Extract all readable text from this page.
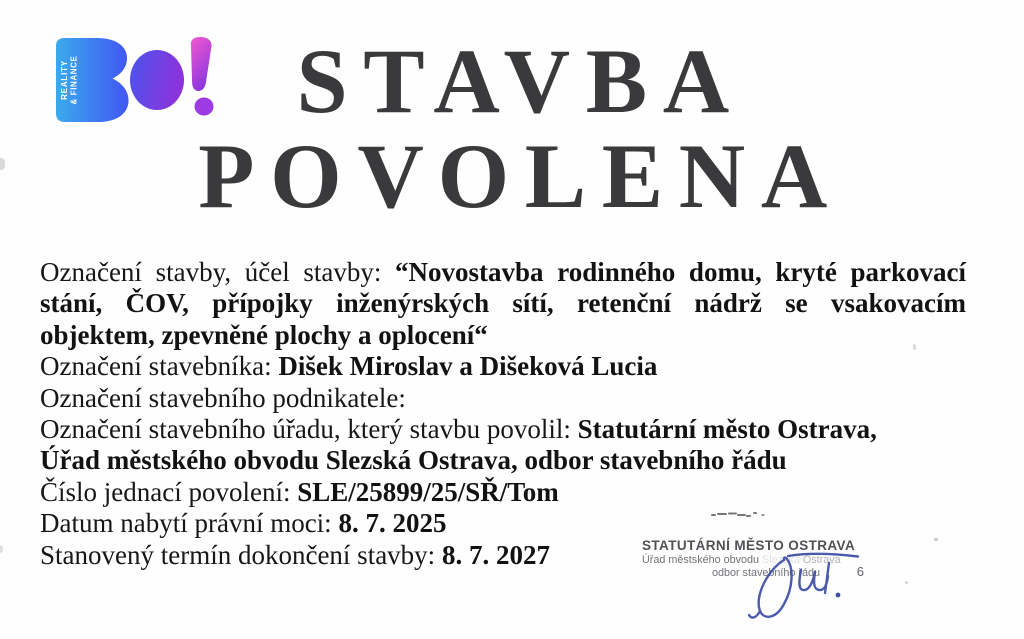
REALITY & FINANCE	STAVBA
POVOLENA
Označení stavby, účel stavby: “Novostavba rodinného domu, kryté parkovací
stání, ČOV, přípojky inženýrských sítí, retenční nádrž se vsakovacím
objektem, zpevněné plochy a oplocení“
Označení stavebníka: Dišek Miroslav a Dišeková Lucia
Označení stavebního podnikatele:
Označení stavebního úřadu, který stavbu povolil: Statutární město Ostrava,
Úřad městského obvodu Slezská Ostrava, odbor stavebního řádu
Číslo jednací povolení: SLE/25899/25/SŘ/Tom
Datum nabytí právní moci: 8. 7. 2025
Stanovený termín dokončení stavby: 8. 7. 2027	STATUTÁRNÍ MĚSTO OSTRAVA
Úřad městského obvodu Slezská Ostrava
odbor stavebního řádu	6
